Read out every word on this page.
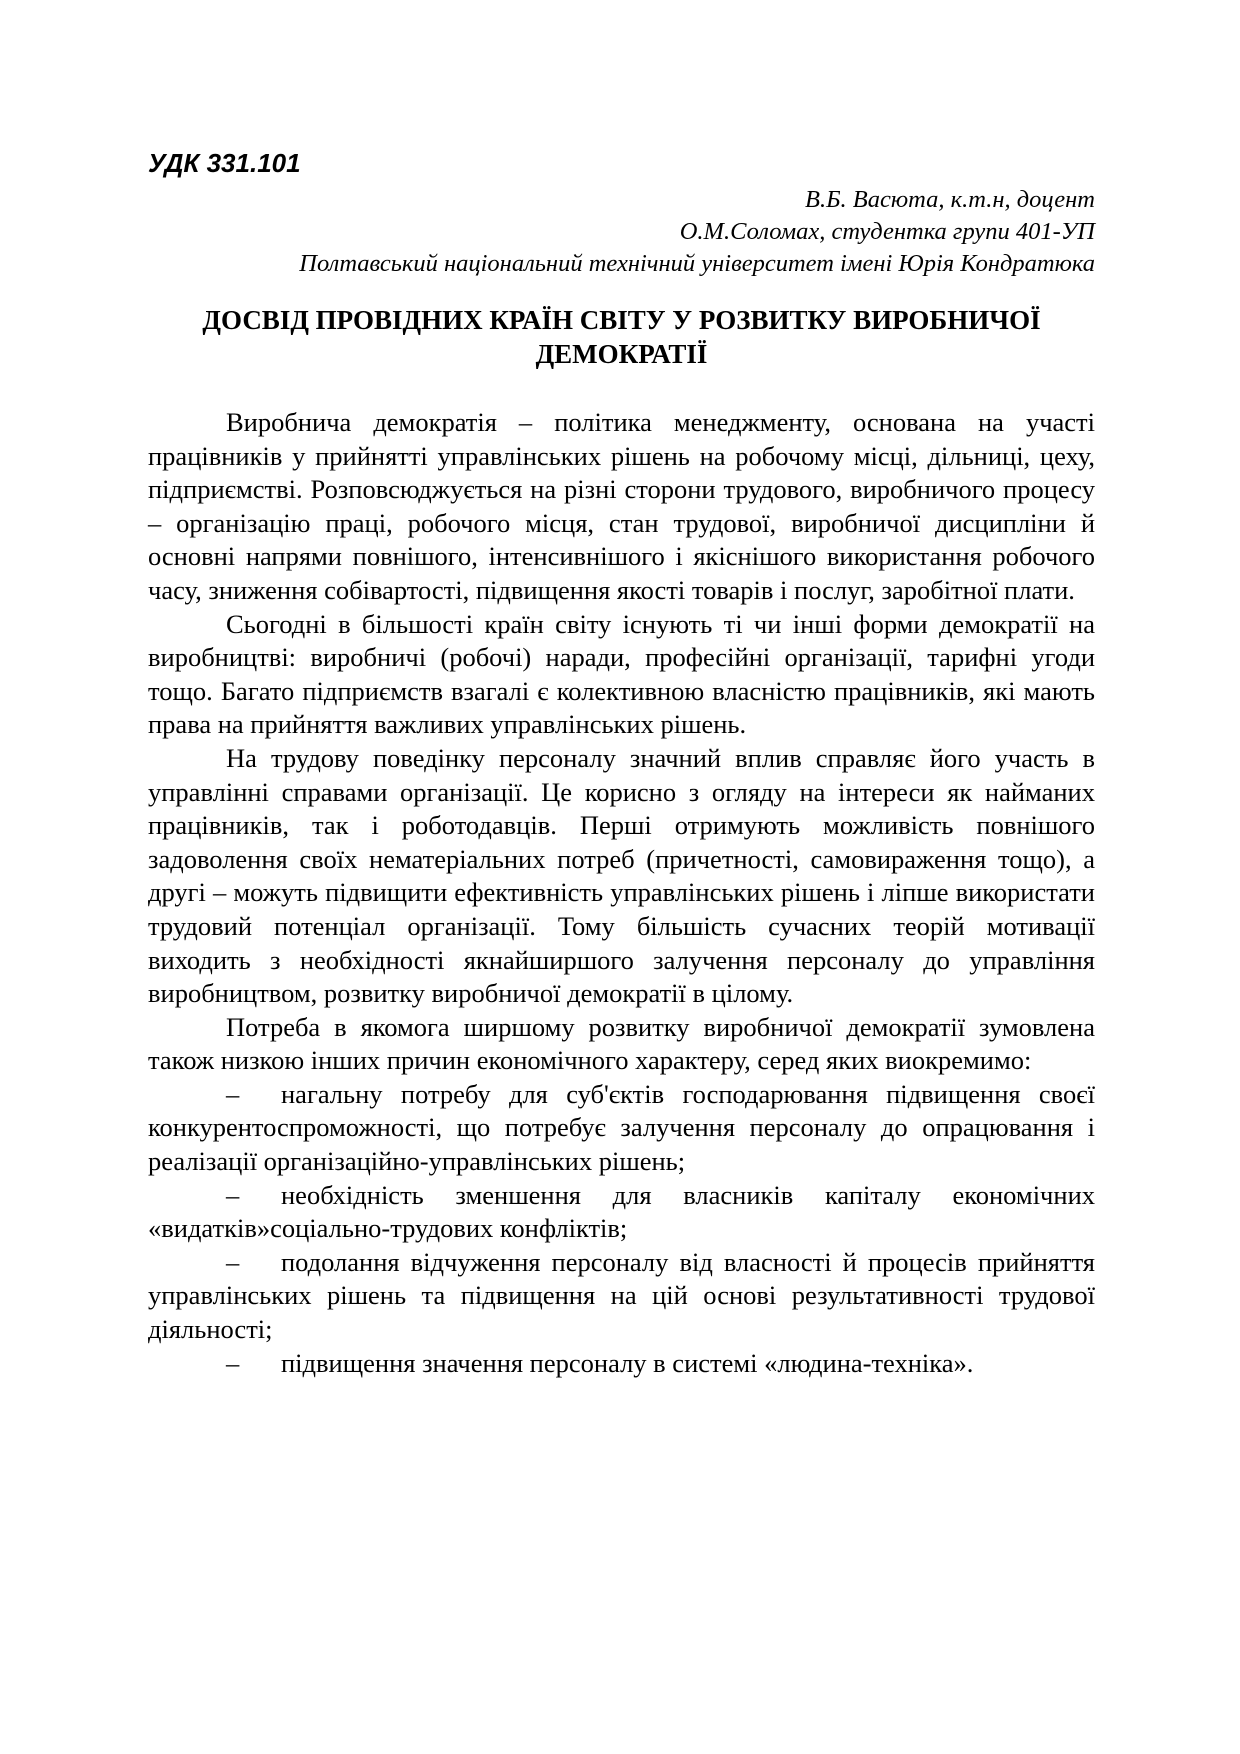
УДК 331.101
В.Б. Васюта, к.т.н, доцент
О.М.Соломах, студентка групи 401-УП
Полтавський національний технічний університет імені Юрія Кондратюка
ДОСВІД ПРОВІДНИХ КРАЇН СВІТУ У РОЗВИТКУ ВИРОБНИЧОЇ
ДЕМОКРАТІЇ

Виробнича демократія – політика менеджменту, основана на участі працівників у прийнятті управлінських рішень на робочому місці, дільниці, цеху, підприємстві. Розповсюджується на різні сторони трудового, виробничого процесу – організацію праці, робочого місця, стан трудової, виробничої дисципліни й основні напрями повнішого, інтенсивнішого і якіснішого використання робочого часу, зниження собівартості, підвищення якості товарів і послуг, заробітної плати.

Сьогодні в більшості країн світу існують ті чи інші форми демократії на виробництві: виробничі (робочі) наради, професійні організації, тарифні угоди тощо. Багато підприємств взагалі є колективною власністю працівників, які мають права на прийняття важливих управлінських рішень.

На трудову поведінку персоналу значний вплив справляє його участь в управлінні справами організації. Це корисно з огляду на інтереси як найманих працівників, так і роботодавців. Перші отримують можливість повнішого задоволення своїх нематеріальних потреб (причетності, самовираження тощо), а другі – можуть підвищити ефективність управлінських рішень і ліпше використати трудовий потенціал організації. Тому більшість сучасних теорій мотивації виходить з необхідності якнайширшого залучення персоналу до управління виробництвом, розвитку виробничої демократії в цілому.

Потреба в якомога ширшому розвитку виробничої демократії зумовлена також низкою інших причин економічного характеру, серед яких виокремимо:

– нагальну потребу для суб'єктів господарювання підвищення своєї конкурентоспроможності, що потребує залучення персоналу до опрацювання і реалізації організаційно-управлінських рішень;

– необхідність зменшення для власників капіталу економічних «видатків»соціально-трудових конфліктів;

– подолання відчуження персоналу від власності й процесів прийняття управлінських рішень та підвищення на цій основі результативності трудової діяльності;

– підвищення значення персоналу в системі «людина-техніка».
